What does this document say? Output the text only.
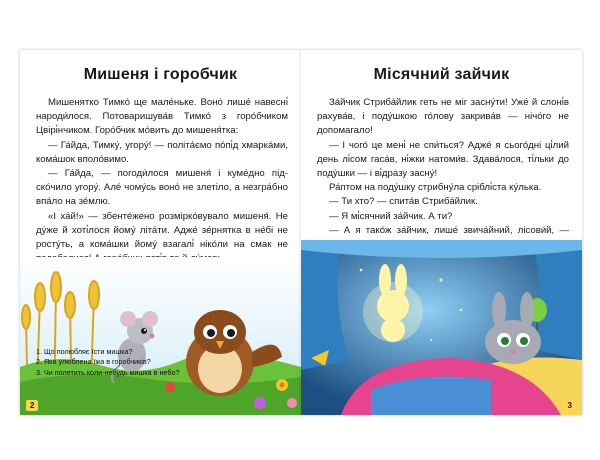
Мишеня і горобчик

Мишенятко Тимко́ ще мале́ньке. Воно́ лише́ навесні́ народи́лося. Потоваришува́в Тимко́ з горо́бчиком Цвірі́нчиком. Горо́бчик мо́вить до мишеня́тка:

— Га́йда, Тимку́, угору́! — політа́ємо по́пі́д хмарка́ми, кома́шок вполо́вимо.

— Га́йда, — погоди́лося мишеня́ і куме́дно підско́чило угору́. Але́ чому́сь воно́ не злетіло, а незгра́бно впа́ло на зе́млю.

«І ха́й!» — збенте́жено розмірко́вувало мишеня́. Не ду́же й хоті́лося йому́ літа́ти. Адже́ зе́рнятка в не́бі не росту́ть, а кома́шки йому́ взагалі́ ніко́ли на смак не

1. Що полюбляє їсти мишка?

2. Яка улюблена їжа в горобчиків?

3. Чи полетить коли-небудь мишка в небо?

2
Місячний зайчик

За́йчик Стриба́йлик геть не міг засну́ти! Уже́ й слоні́в рахува́в, і поду́шкою го́лову закрива́в — нічо́го не допомагало!

— І чого́ це мені́ не спи́ться? Адже́ я сього́дні ці́лий день лі́сом гаса́в, ні́жки натоми́в. Здава́лося, ті́льки до поду́шки — і ві́дразу засну́!

Ра́птом на поду́шку стрибну́ла сріблі́ста ку́лька.

— Ти хто? — спита́в Стриба́йлик.

— Я мі́сячний за́йчик. А ти?

— А я тако́ж за́йчик, лише́ звича́йний, лісови́й, —

3
